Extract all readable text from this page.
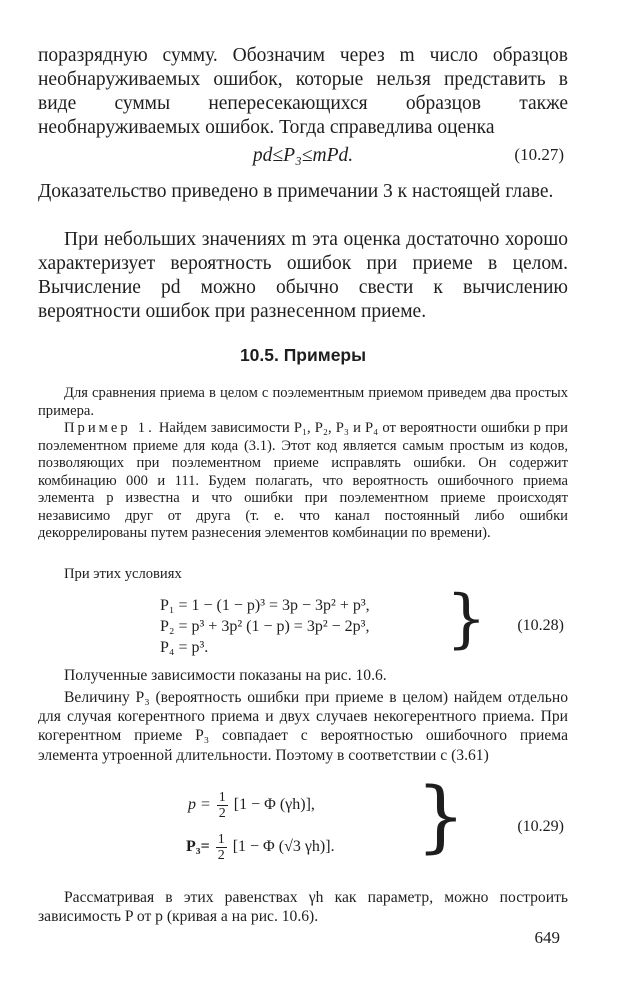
поразрядную сумму. Обозначим через m число образцов необнаруживаемых ошибок, которые нельзя представить в виде суммы непересекающихся образцов также необнаруживаемых ошибок. Тогда справедлива оценка

pd≤P₃≤mPd.	(10.27)

Доказательство приведено в примечании 3 к настоящей главе.

При небольших значениях m эта оценка достаточно хорошо характеризует вероятность ошибок при приеме в целом. Вычисление pd можно обычно свести к вычислению вероятности ошибок при разнесенном приеме.

10.5. Примеры

Для сравнения приема в целом с поэлементным приемом приведем два простых примера.

Пример 1. Найдем зависимости P₁, P₂, P₃ и P₄ от вероятности ошибки p при поэлементном приеме для кода (3.1). Этот код является самым простым из кодов, позволяющих при поэлементном приеме исправлять ошибки. Он содержит комбинацию 000 и 111. Будем полагать, что вероятность ошибочного приема элемента p известна и что ошибки при поэлементном приеме происходят независимо друг от друга (т. е. что канал постоянный либо ошибки декоррелированы путем разнесения элементов комбинации по времени).

При этих условиях

P₁ = 1 − (1 − p)³ = 3p − 3p² + p³,
P₂ = p³ + 3p² (1 − p) = 3p² − 2p³,
P₄ = p³.	} (10.28)

Полученные зависимости показаны на рис. 10.6.

Величину P₃ (вероятность ошибки при приеме в целом) найдем отдельно для случая когерентного приема и двух случаев некогерентного приема. При когерентном приеме P₃ совпадает с вероятностью ошибочного приема элемента утроенной длительности. Поэтому в соответствии с (3.61)

$p = \frac{1}{2} [1 - \Phi$ (γh)],
$P_3= \frac{1}{2} [1 - \Phi$ (√3 γh)]. }	(10.29)

Рассматривая в этих равенствах γh как параметр, можно построить зависимость P от p (кривая a на рис. 10.6).

649
